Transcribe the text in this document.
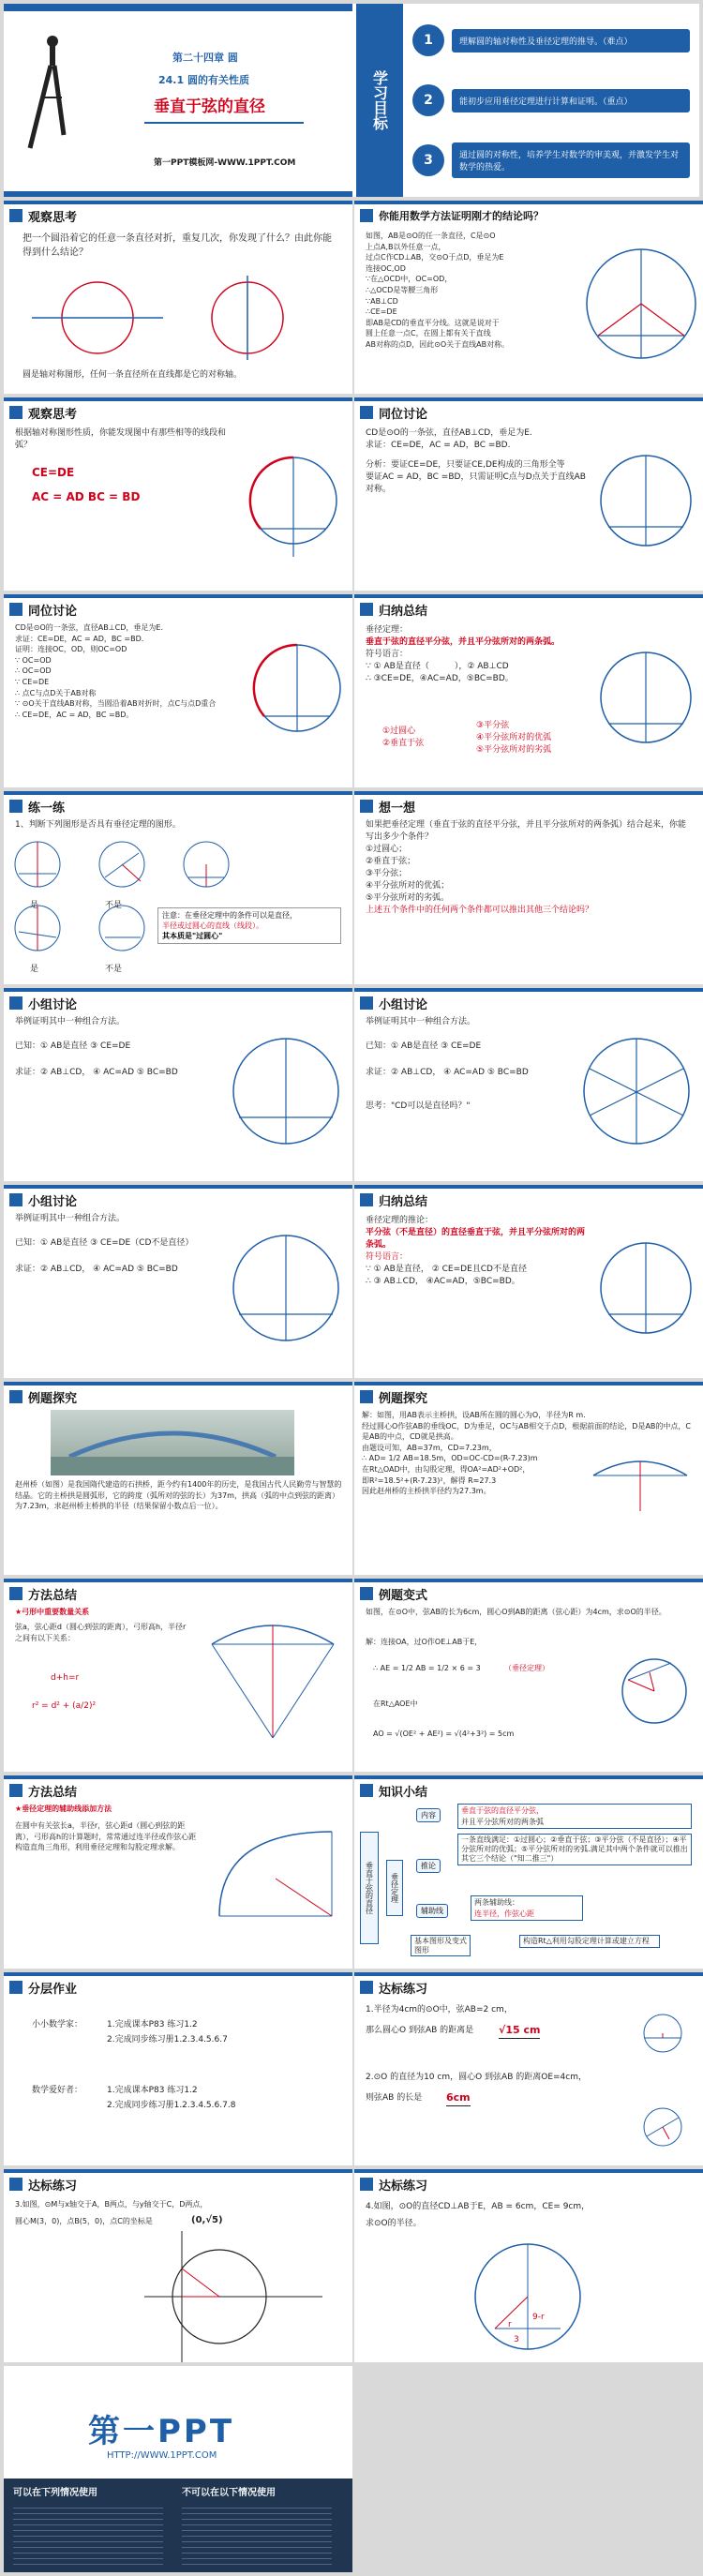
第二十四章 圆
24.1 圆的有关性质
垂直于弦的直径
第一PPT模板网-WWW.1PPT.COM
学习目标
1	理解圆的轴对称性及垂径定理的推导。（难点）
2	能初步应用垂径定理进行计算和证明。（重点）
3	通过圆的对称性，培养学生对数学的审美观，并激发学生对数学的热爱。
观察思考
把一个圆沿着它的任意一条直径对折，重复几次，你发现了什么？由此你能得到什么结论？
圆是轴对称图形，任何一条直径所在直线都是它的对称轴。
你能用数学方法证明刚才的结论吗？
如图，AB是⊙O的任一条直径，C是⊙O
上点A,B以外任意一点，
过点C作CD⊥AB，交⊙O于点D，垂足为E
连接OC,OD
∵在△OCD中，OC=OD，
∴△OCD是等腰三角形
∵AB⊥CD
∴CE=DE
即AB是CD的垂直平分线。这就是说对于
圆上任意一点C，在圆上都有关于直线
AB对称的点D，因此⊙O关于直线AB对称。
观察思考
根据轴对称图形性质，你能发现图中有那些相等的线段和弧？
CE=DE
AC = AD BC = BD
同位讨论
CD是⊙O的一条弦，直径AB⊥CD，垂足为E.
求证：CE=DE，AC = AD，BC =BD.
分析：要证CE=DE，只要证CE,DE构成的三角形全等
要证AC = AD，BC =BD，只需证明C点与D点关于直线AB对称。
同位讨论
CD是⊙O的一条弦，直径AB⊥CD，垂足为E.
求证：CE=DE，AC = AD，BC =BD.
证明：连接OC，OD，则OC=OD
∵ OC=OD
∴ OC=OD
∵ CE=DE
∴ 点C与点D关于AB对称
∵ ⊙O关于直线AB对称，当圆沿着AB对折时，点C与点D重合
∴ CE=DE，AC = AD，BC =BD。
归纳总结
垂径定理：
垂直于弦的直径平分弦，并且平分弦所对的两条弧。
符号语言：
∵ ① AB是直径（　　　），② AB⊥CD
∴ ③CE=DE，④AC=AD，⑤BC=BD。
①过圆心
②垂直于弦
③平分弦
④平分弦所对的优弧
⑤平分弦所对的劣弧
练一练
1、判断下列图形是否具有垂径定理的图形。
是	不是
是	不是
注意：在垂径定理中的条件可以是直径，
半径或过圆心的直线（线段）。
其本质是"过圆心"
想一想
如果把垂径定理（垂直于弦的直径平分弦，并且平分弦所对的两条弧）结合起来，你能写出多少个条件？
①过圆心；
②垂直于弦；
③平分弦；
④平分弦所对的优弧；
⑤平分弦所对的劣弧。
上述五个条件中的任何两个条件都可以推出其他三个结论吗？
小组讨论
举例证明其中一种组合方法。
已知：① AB是直径 ③ CE=DE
求证：② AB⊥CD， ④ AC=AD ⑤ BC=BD
小组讨论
举例证明其中一种组合方法。
已知：① AB是直径 ③ CE=DE
求证：② AB⊥CD， ④ AC=AD ⑤ BC=BD
思考："CD可以是直径吗？"
小组讨论
举例证明其中一种组合方法。
已知：① AB是直径 ③ CE=DE（CD不是直径）
求证：② AB⊥CD， ④ AC=AD ⑤ BC=BD
归纳总结
垂径定理的推论：
平分弦（不是直径）的直径垂直于弦，并且平分弦所对的两条弧。
符号语言：
∵ ① AB是直径， ② CE=DE且CD不是直径
∴ ③ AB⊥CD， ④AC=AD，⑤BC=BD。
例题探究
赵州桥（如图）是我国隋代建造的石拱桥，距今约有1400年的历史，是我国古代人民勤劳与智慧的结晶。它的主桥拱是圆弧形，它的跨度（弧所对的弦的长）为37m，拱高（弧的中点到弦的距离）为7.23m，求赵州桥主桥拱的半径（结果保留小数点后一位）。
例题探究
解：如图，用AB表示主桥拱，设AB所在圆的圆心为O，半径为R m.
经过圆心O作弦AB的垂线OC，D为垂足，OC与AB相交于点D，根据前面的结论，D是AB的中点，C是AB的中点，CD就是拱高。
由题设可知，AB=37m，CD=7.23m，
∴ AD= 1/2 AB=18.5m，OD=OC-CD=(R-7.23)m
在Rt△OAD中，由勾股定理，得OA²=AD²+OD²，
即R²=18.5²+(R-7.23)²，解得 R≈27.3
因此赵州桥的主桥拱半径约为27.3m。
方法总结
★弓形中重要数量关系
弦a，弦心距d（圆心到弦的距离），弓形高h，半径r之间有以下关系：
d+h=r
r² = d² + (a/2)²
例题变式
如图，在⊙O中，弦AB的长为6cm，圆心O到AB的距离（弦心距）为4cm，求⊙O的半径。
解：连接OA，过O作OE⊥AB于E，
∴ AE = 1/2 AB = 1/2 × 6 = 3	（垂径定理）
在Rt△AOE中
AO = √(OE² + AE²) = √(4²+3²) = 5cm
方法总结
★垂径定理的辅助线添加方法
在圆中有关弦长a，半径r，弦心距d（圆心到弦的距离），弓形高h的计算题时，常常通过连半径或作弦心距构造直角三角形，利用垂径定理和勾股定理求解。
知识小结
垂直于弦的直径	垂径定理
内容
垂直于弦的直径平分弦，
并且平分弦所对的两条弧
推论
一条直线满足：①过圆心；②垂直于弦；③平分弦（不是直径）；④平分弦所对的优弧；⑤平分弦所对的劣弧.满足其中两个条件就可以推出其它三个结论（"知二推三"）
辅助线
两条辅助线：
连半径，作弦心距
基本图形及变式图形
构造Rt△利用勾股定理计算或建立方程
分层作业
小小数学家：	1.完成课本P83 练习1.2
2.完成同步练习册1.2.3.4.5.6.7
数学爱好者：	1.完成课本P83 练习1.2
2.完成同步练习册1.2.3.4.5.6.7.8
达标练习
1.半径为4cm的⊙O中，弦AB=2 cm，
那么圆心O 到弦AB 的距离是 √15 cm
2.⊙O 的直径为10 cm，圆心O 到弦AB 的距离OE=4cm，
则弦AB 的长是 6cm
达标练习
3.如图，⊙M与x轴交于A，B两点，与y轴交于C，D两点，
圆心M(3，0)，点B(5，0)，点C的坐标是	(0,√5)
达标练习
4.如图，⊙O的直径CD⊥AB于E，AB = 6cm，CE= 9cm，
求⊙O的半径。
r
9-r
3
第一PPT
HTTP://WWW.1PPT.COM
可以在下列情况使用	不可以在以下情况使用
